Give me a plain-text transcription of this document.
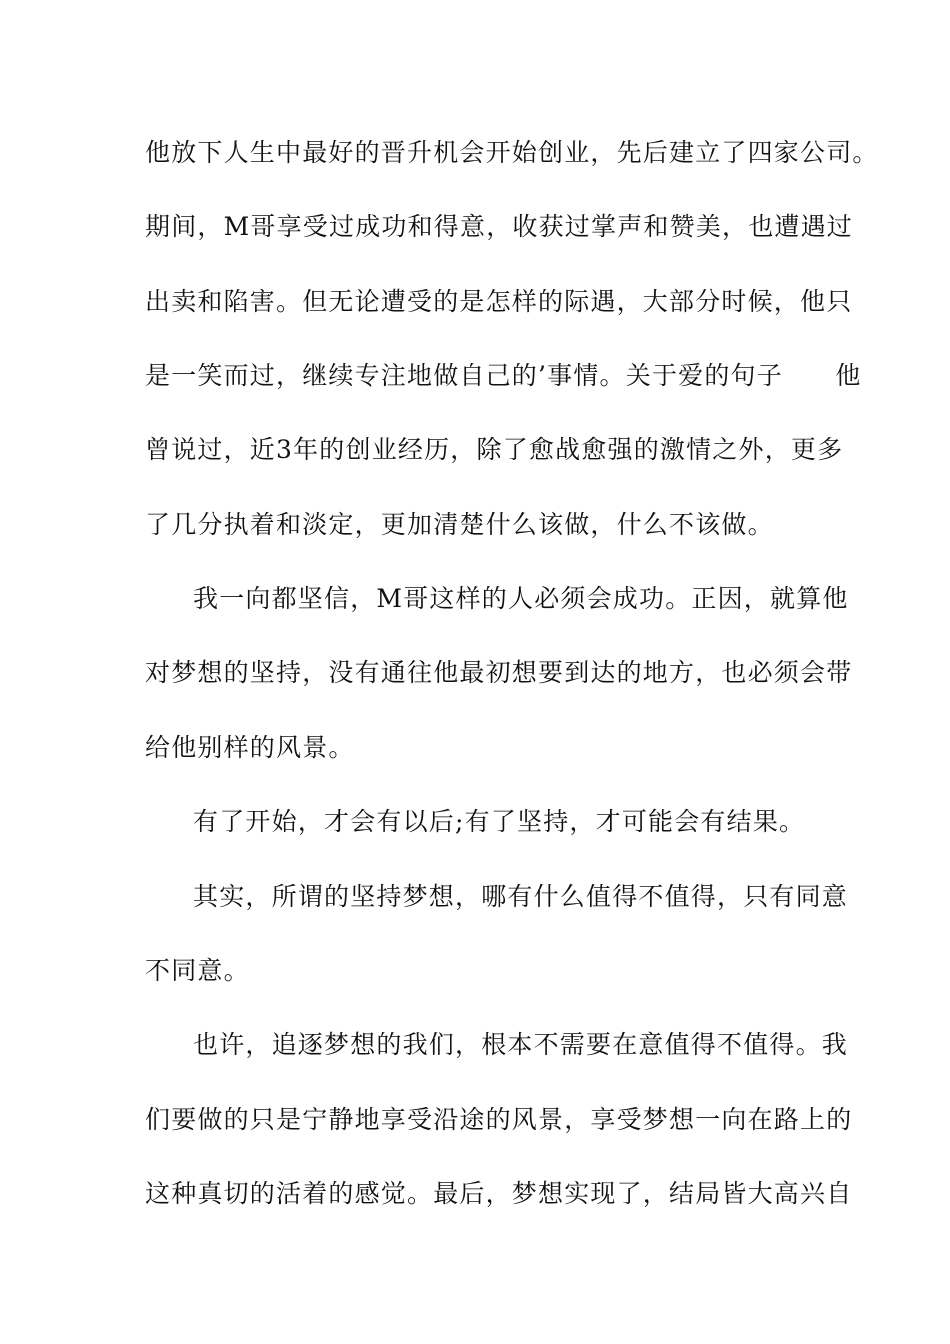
他放下人生中最好的晋升机会开始创业，先后建立了四家公司。
期间，M哥享受过成功和得意，收获过掌声和赞美，也遭遇过
出卖和陷害。但无论遭受的是怎样的际遇，大部分时候，他只
是一笑而过，继续专注地做自己的’事情。关于爱的句子　　他
曾说过，近3年的创业经历，除了愈战愈强的激情之外，更多
了几分执着和淡定，更加清楚什么该做，什么不该做。
我一向都坚信，M哥这样的人必须会成功。正因，就算他
对梦想的坚持，没有通往他最初想要到达的地方，也必须会带
给他别样的风景。
有了开始，才会有以后;有了坚持，才可能会有结果。
其实，所谓的坚持梦想，哪有什么值得不值得，只有同意
不同意。
也许，追逐梦想的我们，根本不需要在意值得不值得。我
们要做的只是宁静地享受沿途的风景，享受梦想一向在路上的
这种真切的活着的感觉。最后，梦想实现了，结局皆大高兴自
